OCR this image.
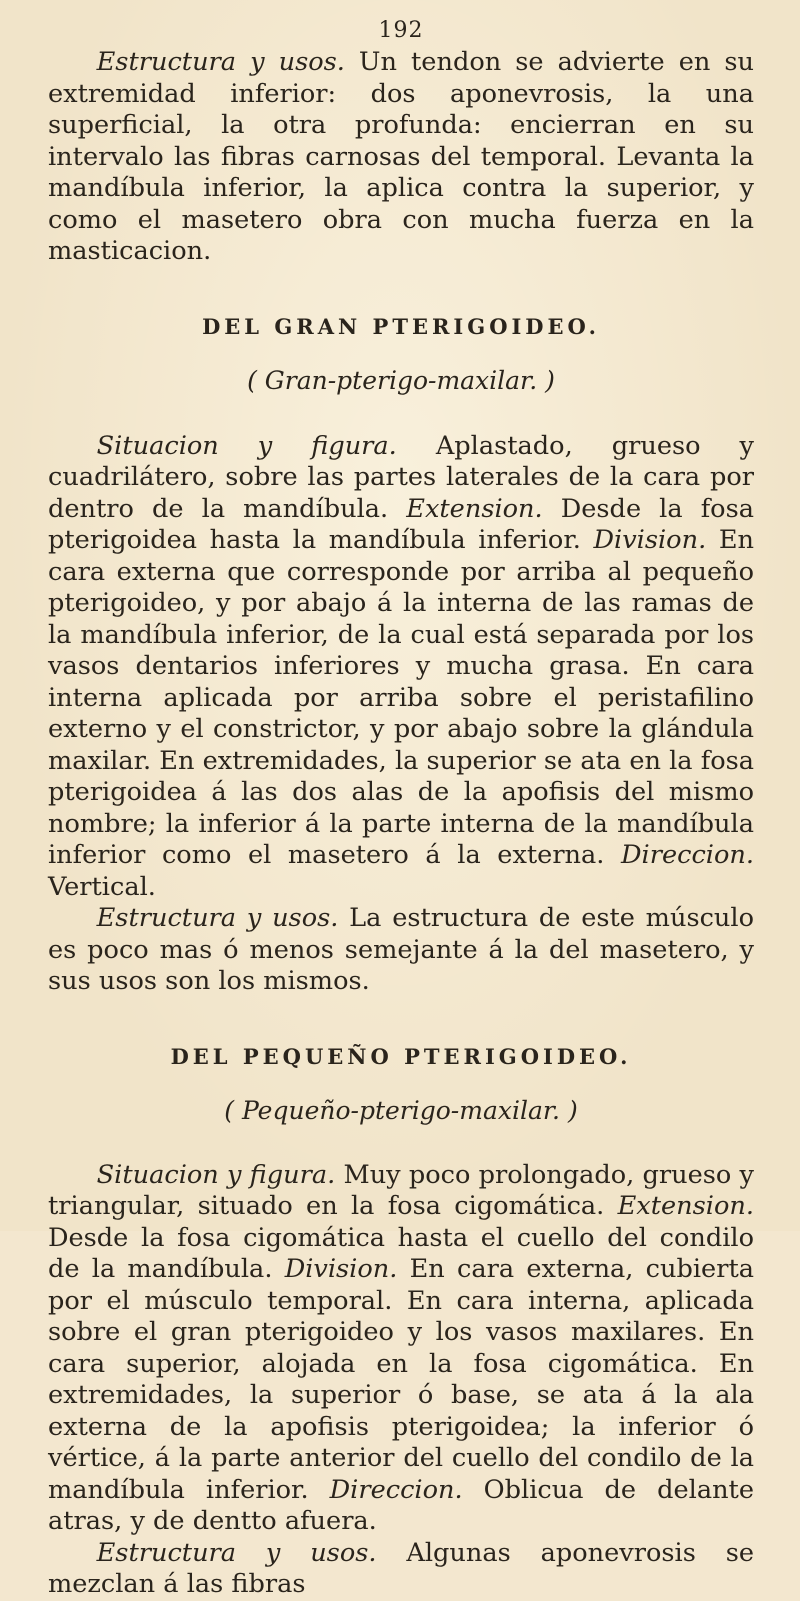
192

Estructura y usos. Un tendon se advierte en su extremidad inferior: dos aponevrosis, la una superficial, la otra profunda: encierran en su intervalo las fibras carnosas del temporal. Levanta la mandíbula inferior, la aplica contra la superior, y como el masetero obra con mucha fuerza en la masticacion.

DEL GRAN PTERIGOIDEO.
( Gran-pterigo-maxilar. )

Situacion y figura. Aplastado, grueso y cuadrilátero, sobre las partes laterales de la cara por dentro de la mandíbula. Extension. Desde la fosa pterigoidea hasta la mandíbula inferior. Division. En cara externa que corresponde por arriba al pequeño pterigoideo, y por abajo á la interna de las ramas de la mandíbula inferior, de la cual está separada por los vasos dentarios inferiores y mucha grasa. En cara interna aplicada por arriba sobre el peristafilino externo y el constrictor, y por abajo sobre la glándula maxilar. En extremidades, la superior se ata en la fosa pterigoidea á las dos alas de la apofisis del mismo nombre; la inferior á la parte interna de la mandíbula inferior como el masetero á la externa. Direccion. Vertical.

Estructura y usos. La estructura de este músculo es poco mas ó menos semejante á la del masetero, y sus usos son los mismos.

DEL PEQUEÑO PTERIGOIDEO.
( Pequeño-pterigo-maxilar. )

Situacion y figura. Muy poco prolongado, grueso y triangular, situado en la fosa cigomática. Extension. Desde la fosa cigomática hasta el cuello del condilo de la mandíbula. Division. En cara externa, cubierta por el músculo temporal. En cara interna, aplicada sobre el gran pterigoideo y los vasos maxilares. En cara superior, alojada en la fosa cigomática. En extremidades, la superior ó base, se ata á la ala externa de la apofisis pterigoidea; la inferior ó vértice, á la parte anterior del cuello del condilo de la mandíbula inferior. Direccion. Oblicua de delante atras, y de dentto afuera.

Estructura y usos. Algunas aponevrosis se mezclan á las fibras
